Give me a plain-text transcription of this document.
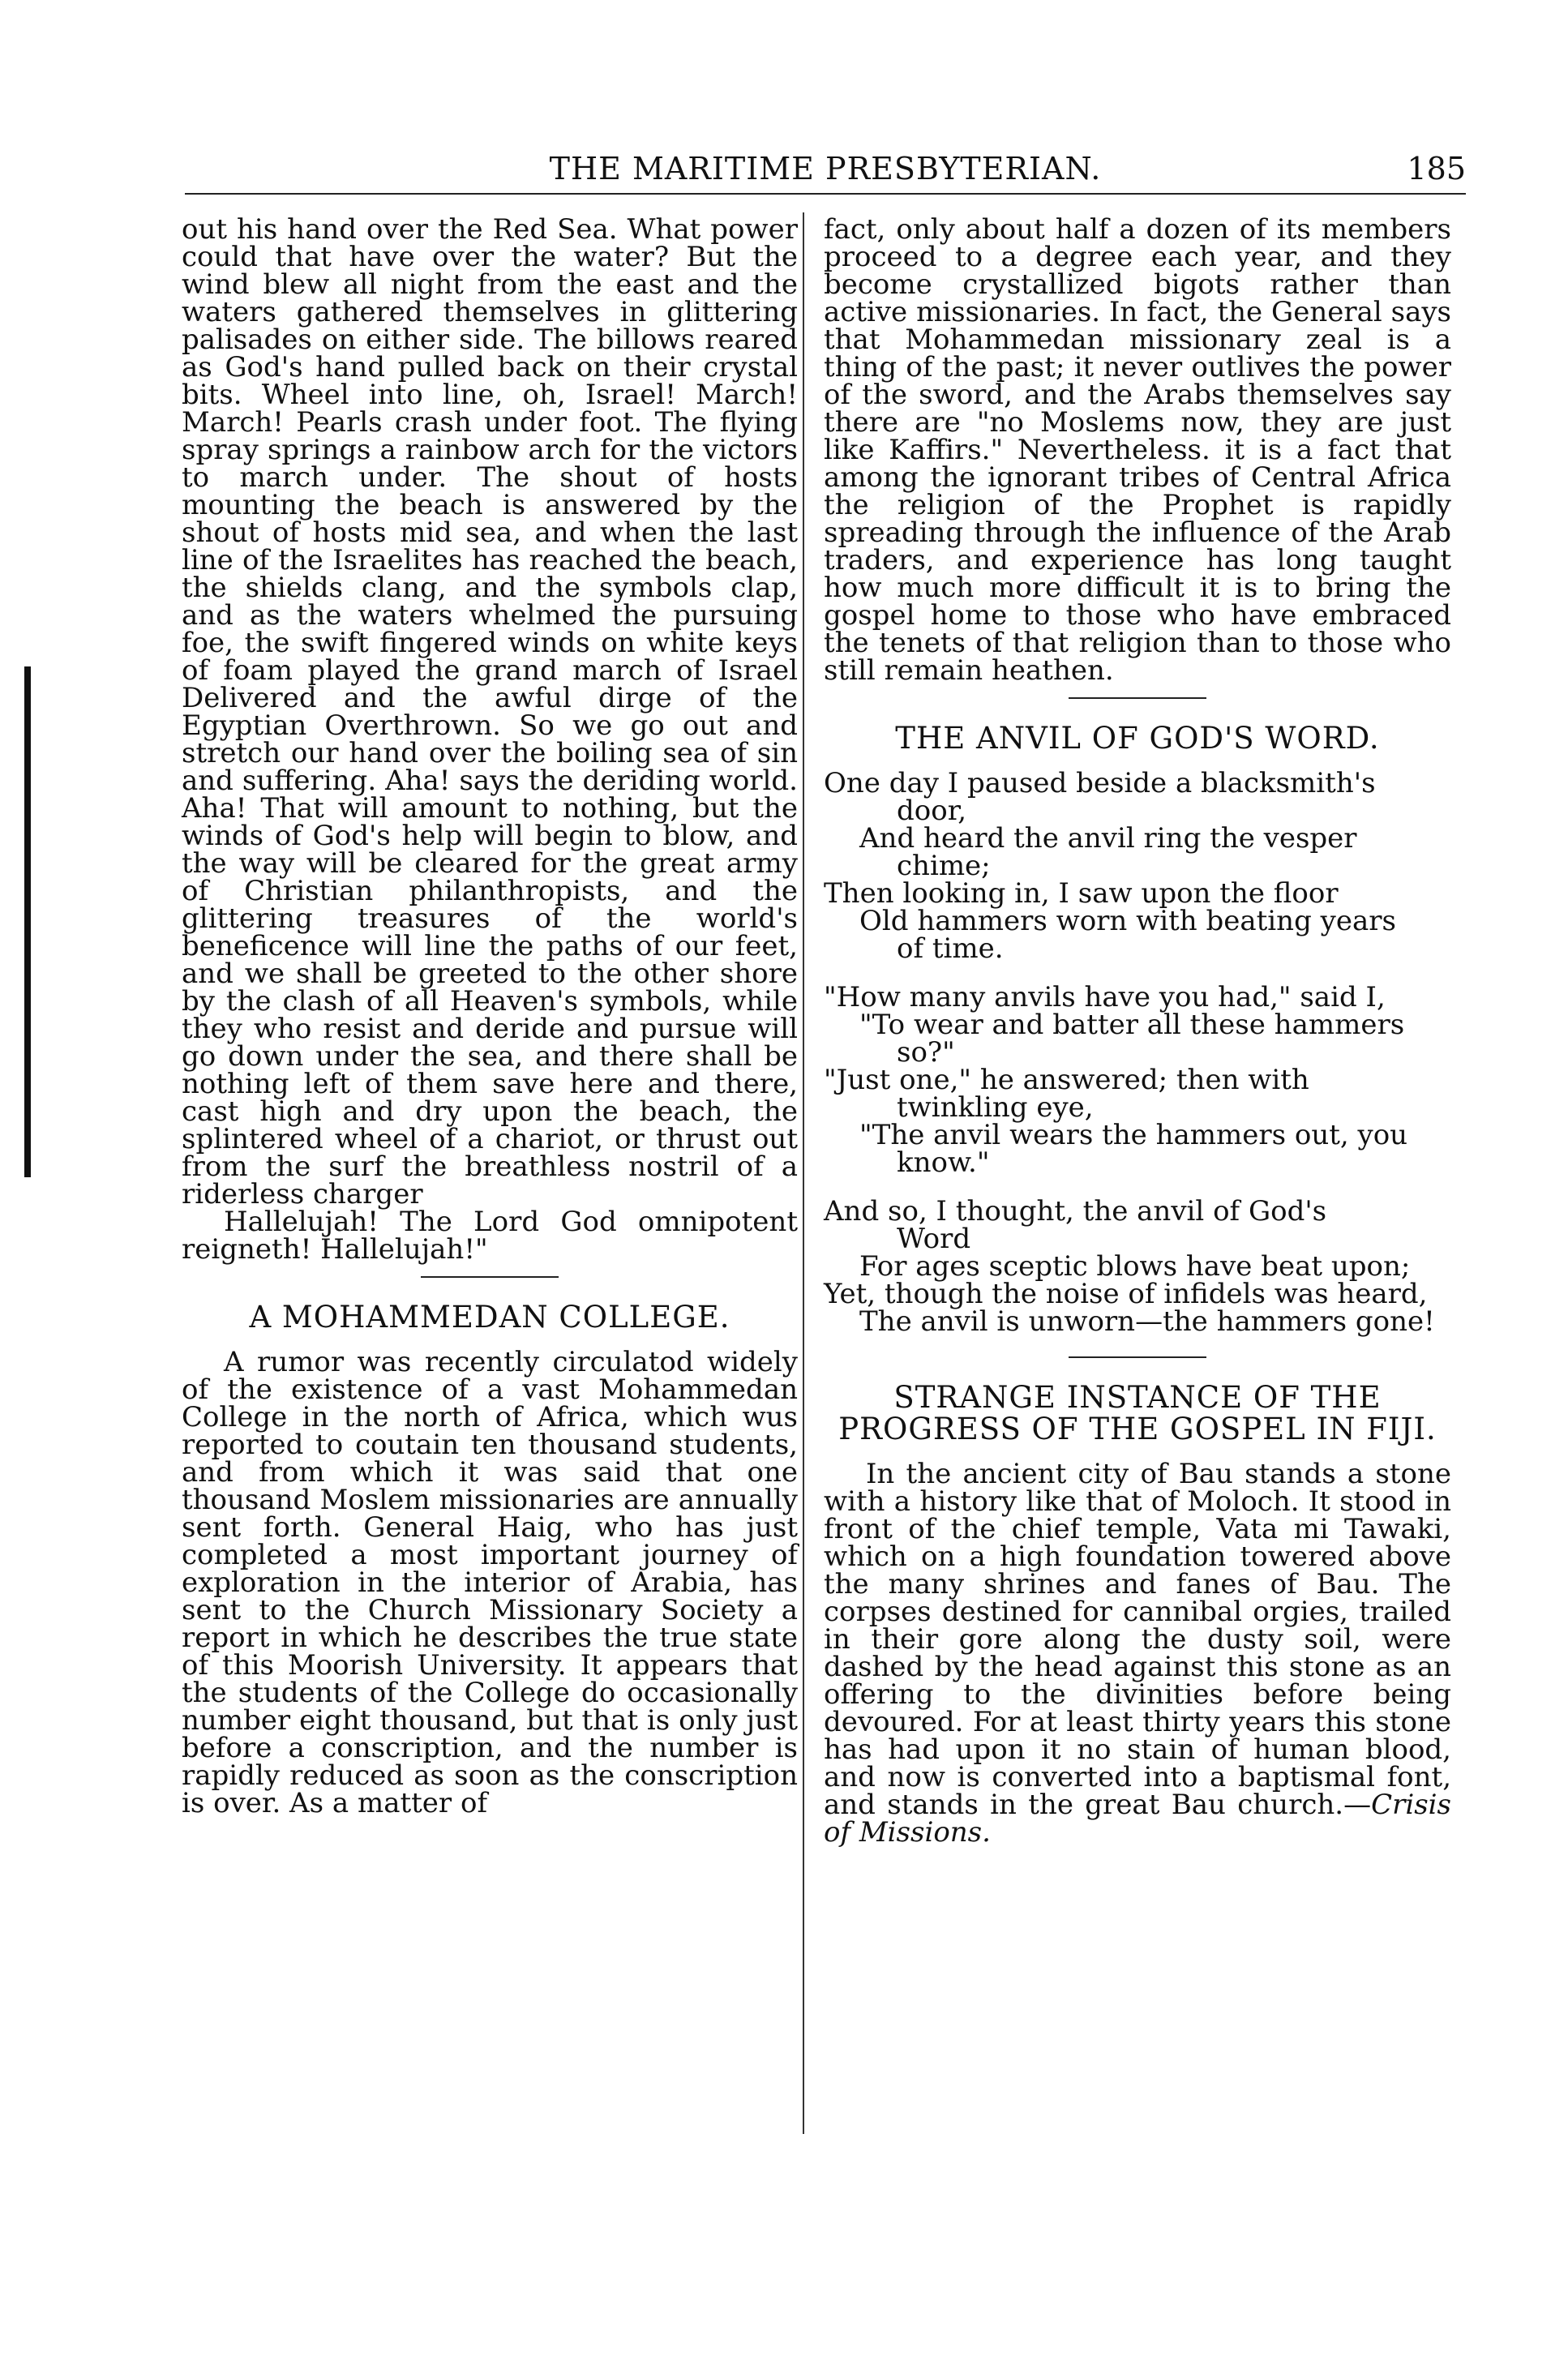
THE MARITIME PRESBYTERIAN.	185

out his hand over the Red Sea. What power could that have over the water? But the wind blew all night from the east and the waters gathered themselves in glittering palisades on either side. The billows reared as God's hand pulled back on their crystal bits. Wheel into line, oh, Israel! March! March! Pearls crash under foot. The flying spray springs a rainbow arch for the victors to march under. The shout of hosts mounting the beach is answered by the shout of hosts mid sea, and when the last line of the Israelites has reached the beach, the shields clang, and the symbols clap, and as the waters whelmed the pursuing foe, the swift fingered winds on white keys of foam played the grand march of Israel Delivered and the awful dirge of the Egyptian Overthrown. So we go out and stretch our hand over the boiling sea of sin and suffering. Aha! says the deriding world. Aha! That will amount to nothing, but the winds of God's help will begin to blow, and the way will be cleared for the great army of Christian philanthropists, and the glittering treasures of the world's beneficence will line the paths of our feet, and we shall be greeted to the other shore by the clash of all Heaven's symbols, while they who resist and deride and pursue will go down under the sea, and there shall be nothing left of them save here and there, cast high and dry upon the beach, the splintered wheel of a chariot, or thrust out from the surf the breathless nostril of a riderless charger

Hallelujah! The Lord God omnipotent reigneth! Hallelujah!"

A MOHAMMEDAN COLLEGE.

A rumor was recently circulatod widely of the existence of a vast Mohammedan College in the north of Africa, which wus reported to coutain ten thousand students, and from which it was said that one thousand Moslem missionaries are annually sent forth. General Haig, who has just completed a most important journey of exploration in the interior of Arabia, has sent to the Church Missionary Society a report in which he describes the true state of this Moorish University. It appears that the students of the College do occasionally number eight thousand, but that is only just before a conscription, and the number is rapidly reduced as soon as the conscription is over. As a matter of

fact, only about half a dozen of its members proceed to a degree each year, and they become crystallized bigots rather than active missionaries. In fact, the General says that Mohammedan missionary zeal is a thing of the past; it never outlives the power of the sword, and the Arabs themselves say there are "no Moslems now, they are just like Kaffirs." Nevertheless. it is a fact that among the ignorant tribes of Central Africa the religion of the Prophet is rapidly spreading through the influence of the Arab traders, and experience has long taught how much more difficult it is to bring the gospel home to those who have embraced the tenets of that religion than to those who still remain heathen.

THE ANVIL OF GOD'S WORD.

One day I paused beside a blacksmith's

door,

And heard the anvil ring the vesper

chime;

Then looking in, I saw upon the floor

Old hammers worn with beating years

of time.

"How many anvils have you had," said I,

"To wear and batter all these hammers

so?"

"Just one," he answered; then with

twinkling eye,

"The anvil wears the hammers out, you

know."

And so, I thought, the anvil of God's

Word

For ages sceptic blows have beat upon;

Yet, though the noise of infidels was heard,

The anvil is unworn—the hammers gone!

STRANGE INSTANCE OF THE PROGRESS OF THE GOSPEL IN FIJI.

In the ancient city of Bau stands a stone with a history like that of Moloch. It stood in front of the chief temple, Vata mi Tawaki, which on a high foundation towered above the many shrines and fanes of Bau. The corpses destined for cannibal orgies, trailed in their gore along the dusty soil, were dashed by the head against this stone as an offering to the divinities before being devoured. For at least thirty years this stone has had upon it no stain of human blood, and now is converted into a baptismal font, and stands in the great Bau church.—Crisis of Missions.
